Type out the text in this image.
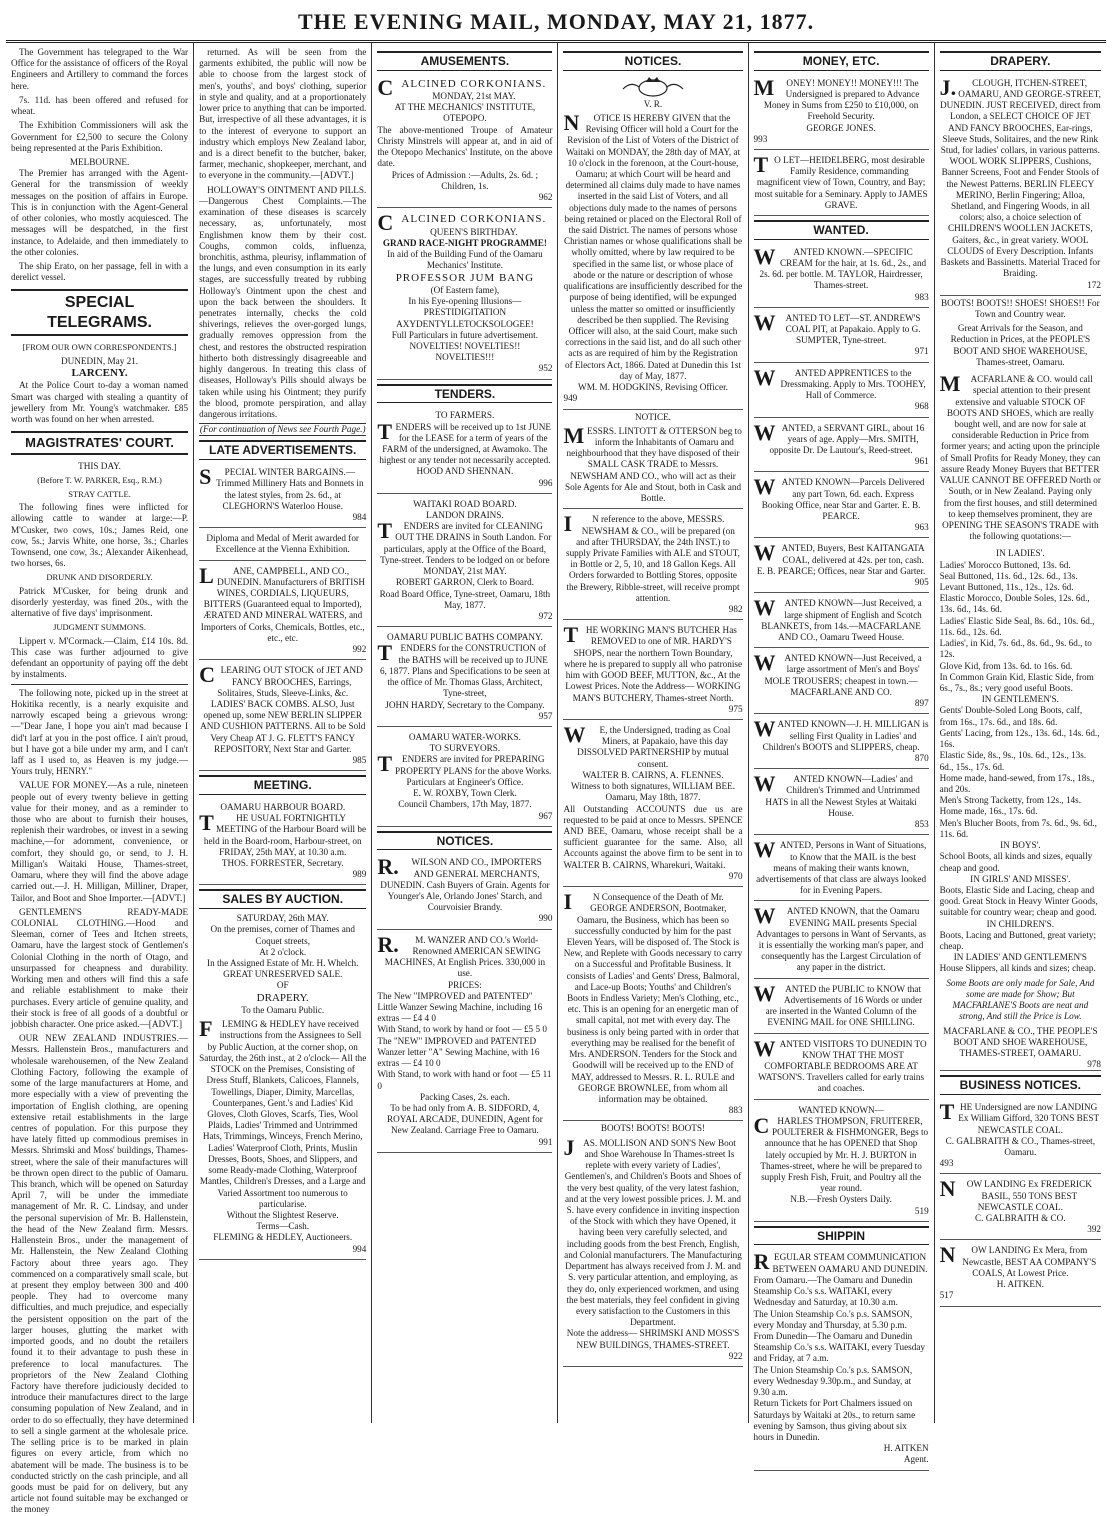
THE EVENING MAIL, MONDAY, MAY 21, 1877.

The Government has telegraped to the War Office for the assistance of officers of the Royal Engineers and Artillery to command the forces here.

7s. 11d. has been offered and refused for wheat.

The Exhibition Commissioners will ask the Government for £2,500 to secure the Colony being represented at the Paris Exhibition.

MELBOURNE.

The Premier has arranged with the Agent-General for the transmission of weekly messages on the position of affairs in Europe. This is in conjunction with the Agent-General of other colonies, who mostly acquiesced. The messages will be despatched, in the first instance, to Adelaide, and then immediately to the other colonies.

The ship Erato, on her passage, fell in with a derelict vessel.

SPECIAL TELEGRAMS.
[FROM OUR OWN CORRESPONDENTS.]
DUNEDIN, May 21.
LARCENY.

At the Police Court to-day a woman named Smart was charged with stealing a quantity of jewellery from Mr. Young's watchmaker. £85 worth was found on her when arrested.

MAGISTRATES' COURT.
THIS DAY.
(Before T. W. PARKER, Esq., R.M.)
STRAY CATTLE.

The following fines were inflicted for allowing cattle to wander at large:—P. M'Cusker, two cows, 10s.; James Reid, one cow, 5s.; Jarvis White, one horse, 3s.; Charles Townsend, one cow, 3s.; Alexander Aikenhead, two horses, 6s.

DRUNK AND DISORDERLY.

Patrick M'Cusker, for being drunk and disorderly yesterday, was fined 20s., with the alternative of five days' imprisonment.

JUDGMENT SUMMONS.

Lippert v. M'Cormack.—Claim, £14 10s. 8d. This case was further adjourned to give defendant an opportunity of paying off the debt by instalments.

The following note, picked up in the street at Hokitika recently, is a nearly exquisite and narrowly escaped being a grievous wrong:—"Dear Jane, I hope you ain't mad because I did't larf at you in the post office. I ain't proud, but I have got a bile under my arm, and I can't laff as I used to, as Heaven is my judge.—Yours truly, HENRY."

VALUE FOR MONEY.—As a rule, nineteen people out of every twenty believe in getting value for their money, and as a reminder to those who are about to furnish their houses, replenish their wardrobes, or invest in a sewing machine,—for adornment, convenience, or comfort, they should go, or send, to J. H. Milligan's Waitaki House, Thames-street, Oamaru, where they will find the above adage carried out.—J. H. Milligan, Milliner, Draper, Tailor, and Boot and Shoe Importer.—[ADVT.]

GENTLEMEN'S READY-MADE COLONIAL CLOTHING.—Hood and Sleeman, corner of Tees and Itchen streets, Oamaru, have the largest stock of Gentlemen's Colonial Clothing in the north of Otago, and unsurpassed for cheapness and durability. Working men and others will find this a safe and reliable establishment to make their purchases. Every article of genuine quality, and their stock is free of all goods of a doubtful or jobbish character. One price asked.—[ADVT.]

OUR NEW ZEALAND INDUSTRIES.—Messrs. Hallenstein Bros., manufacturers and wholesale warehousemen, of the New Zealand Clothing Factory, following the example of some of the large manufacturers at Home, and more especially with a view of preventing the importation of English clothing, are opening extensive retail establishments in the large centres of population. For this purpose they have lately fitted up commodious premises in Messrs. Shrimski and Moss' buildings, Thames-street, where the sale of their manufactures will be thrown open direct to the public of Oamaru. This branch, which will be opened on Saturday April 7, will be under the immediate management of Mr. R. C. Lindsay, and under the personal supervision of Mr. B. Hallenstein, the head of the New Zealand firm. Messrs. Hallenstein Bros., under the management of Mr. Hallenstein, the New Zealand Clothing Factory about three years ago. They commenced on a comparatively small scale, but at present they employ between 300 and 400 people. They had to overcome many difficulties, and much prejudice, and especially the persistent opposition on the part of the larger houses, glutting the market with imported goods, and no doubt the retailers found it to their advantage to push these in preference to local manufactures. The proprietors of the New Zealand Clothing Factory have therefore judiciously decided to introduce their manufactures direct to the large consuming population of New Zealand, and in order to do so effectually, they have determined to sell a single garment at the wholesale price. The selling price is to be marked in plain figures on every article, from which no abatement will be made. The business is to be conducted strictly on the cash principle, and all goods must be paid for on delivery, but any article not found suitable may be exchanged or the money

returned. As will be seen from the garments exhibited, the public will now be able to choose from the largest stock of men's, youths', and boys' clothing, superior in style and quality, and at a proportionately lower price to anything that can be imported. But, irrespective of all these advantages, it is to the interest of everyone to support an industry which employs New Zealand labor, and is a direct benefit to the butcher, baker, farmer, mechanic, shopkeeper, merchant, and to everyone in the community.—[ADVT.]

HOLLOWAY'S OINTMENT AND PILLS.—Dangerous Chest Complaints.—The examination of these diseases is scarcely necessary, as, unfortunately, most Englishmen know them by their cost. Coughs, common colds, influenza, bronchitis, asthma, pleurisy, inflammation of the lungs, and even consumption in its early stages, are successfully treated by rubbing Holloway's Ointment upon the chest and upon the back between the shoulders. It penetrates internally, checks the cold shiverings, relieves the over-gorged lungs, gradually removes oppression from the chest, and restores the obstructed respiration hitherto both distressingly disagreeable and highly dangerous. In treating this class of diseases, Holloway's Pills should always be taken while using his Ointment; they purify the blood, promote perspiration, and allay dangerous irritations.

(For continuation of News see Fourth Page.)
LATE ADVERTISEMENTS.
S PECIAL WINTER BARGAINS.—Trimmed Millinery Hats and Bonnets in the latest styles, from 2s. 6d., at CLEGHORN'S Waterloo House.
984
Diploma and Medal of Merit awarded for Excellence at the Vienna Exhibition.
L ANE, CAMPBELL, AND CO., DUNEDIN. Manufacturers of BRITISH WINES, CORDIALS, LIQUEURS, BITTERS (Guaranteed equal to Imported), ÆRATED AND MINERAL WATERS, and Importers of Corks, Chemicals, Bottles, etc., etc., etc.
992
CLEARING OUT STOCK of JET AND FANCY BROOCHES, Earrings, Solitaires, Studs, Sleeve-Links, &c. LADIES' BACK COMBS. ALSO, Just opened up, some NEW BERLIN SLIPPER AND CUSHION PATTERNS. All to be Sold Very Cheap AT J. G. FLETT'S FANCY REPOSITORY, Next Star and Garter.
985
MEETING.
OAMARU HARBOUR BOARD.
T HE USUAL FORTNIGHTLY MEETING of the Harbour Board will be held in the Board-room, Harbour-street, on FRIDAY, 25th MAY, at 10.30 a.m.
THOS. FORRESTER, Secretary.
989
SALES BY AUCTION.
SATURDAY, 26th MAY.
On the premises, corner of Thames and Coquet streets,
At 2 o'clock.
In the Assigned Estate of Mr. H. Whelch.
GREAT UNRESERVED SALE.
OF
DRAPERY.
To the Oamaru Public.
F LEMING & HEDLEY have received instructions from the Assignees to Sell by Public Auction, at the corner shop, on Saturday, the 26th inst., at 2 o'clock— All the STOCK on the Premises, Consisting of Dress Stuff, Blankets, Calicoes, Flannels, Towellings, Diaper, Dimity, Marcellas, Counterpanes, Gent.'s and Ladies' Kid Gloves, Cloth Gloves, Scarfs, Ties, Wool Plaids, Ladies' Trimmed and Untrimmed Hats, Trimmings, Winceys, French Merino, Ladies' Waterproof Cloth, Prints, Muslin Dresses, Boots, Shoes, and Slippers, and some Ready-made Clothing, Waterproof Mantles, Children's Dresses, and a Large and Varied Assortment too numerous to particularise.
Without the Slightest Reserve.
Terms—Cash.
FLEMING & HEDLEY, Auctioneers.
994
AMUSEMENTS.
CALCINED CORKONIANS.
MONDAY, 21st MAY.
AT THE MECHANICS' INSTITUTE, OTEPOPO.
The above-mentioned Troupe of Amateur Christy Minstrels will appear at, and in aid of the Otepopo Mechanics' Institute, on the above date.
Prices of Admission :—Adults, 2s. 6d. ; Children, 1s.
962
CALCINED CORKONIANS.
QUEEN'S BIRTHDAY.
GRAND RACE-NIGHT PROGRAMME!
In aid of the Building Fund of the Oamaru Mechanics' Institute.
PROFESSOR JUM BANG
(Of Eastern fame),
In his Eye-opening Illusions—
PRESTIDIGITATION
AXYDENTYLLETOCKSOLOGEE!
Full Particulars in future advertisement.
NOVELTIES! NOVELTIES!!
NOVELTIES!!!
952
TENDERS.
TO FARMERS.
T ENDERS will be received up to 1st JUNE for the LEASE for a term of years of the FARM of the undersigned, at Awamoko. The highest or any tender not necessarily accepted.
HOOD AND SHENNAN.
996
WAITAKI ROAD BOARD.
LANDON DRAINS.
T ENDERS are invited for CLEANING OUT THE DRAINS in South Landon. For particulars, apply at the Office of the Board, Tyne-street. Tenders to be lodged on or before MONDAY, 21st MAY.
ROBERT GARRON, Clerk to Board.
Road Board Office, Tyne-street, Oamaru, 18th May, 1877.
972
OAMARU PUBLIC BATHS COMPANY.
T ENDERS for the CONSTRUCTION of the BATHS will be received up to JUNE 6, 1877. Plans and Specifications to be seen at the office of Mr. Thomas Glass, Architect, Tyne-street,
JOHN HARDY, Secretary to the Company.
957
OAMARU WATER-WORKS.
TO SURVEYORS.
T ENDERS are invited for PREPARING PROPERTY PLANS for the above Works. Particulars at Engineer's Office.
E. W. ROXBY, Town Clerk.
Council Chambers, 17th May, 1877.
967
NOTICES.
R. WILSON AND CO., IMPORTERS AND GENERAL MERCHANTS, DUNEDIN. Cash Buyers of Grain. Agents for Younger's Ale, Orlando Jones' Starch, and Courvoisier Brandy.
990
R. M. WANZER AND CO.'s World-Renowned AMERICAN SEWING MACHINES, At English Prices. 330,000 in use.
PRICES:
The New "IMPROVED and PATENTED" Little Wanzer Sewing Machine, including 16 extras — £4 4 0
With Stand, to work by hand or foot — £5 5 0
The "NEW" IMPROVED and PATENTED Wanzer letter "A" Sewing Machine, with 16 extras — £4 10 0
With Stand, to work with hand or foot — £5 11 0
Packing Cases, 2s. each.
To be had only from A. B. SIDFORD, 4, ROYAL ARCADE, DUNEDIN, Agent for New Zealand. Carriage Free to Oamaru.
991
NOTICES.
V. R.
N OTICE IS HEREBY GIVEN that the Revising Officer will hold a Court for the Revision of the List of Voters of the District of Waitaki on MONDAY, the 28th day of MAY, at 10 o'clock in the forenoon, at the Court-house, Oamaru; at which Court will be heard and determined all claims duly made to have names inserted in the said List of Voters, and all objections duly made to the names of persons being retained or placed on the Electoral Roll of the said District. The names of persons whose Christian names or whose qualifications shall be wholly omitted, where by law required to be specified in the same list, or whose place of abode or the nature or description of whose qualifications are insufficiently described for the purpose of being identified, will be expunged unless the matter so omitted or insufficiently described be then supplied. The Revising Officer will also, at the said Court, make such corrections in the said list, and do all such other acts as are required of him by the Registration of Electors Act, 1866. Dated at Dunedin this 1st day of May, 1877.
WM. M. HODGKINS, Revising Officer.
949
NOTICE.
MESSRS. LINTOTT & OTTERSON beg to inform the Inhabitants of Oamaru and neighbourhood that they have disposed of their SMALL CASK TRADE to Messrs. NEWSHAM AND CO., who will act as their Sole Agents for Ale and Stout, both in Cask and Bottle.
I N reference to the above, MESSRS. NEWSHAM & CO., will be prepared (on and after THURSDAY, the 24th INST.) to supply Private Families with ALE and STOUT, in Bottle or 2, 5, 10, and 18 Gallon Kegs. All Orders forwarded to Bottling Stores, opposite the Brewery, Ribble-street, will receive prompt attention.
982
THE WORKING MAN'S BUTCHER Has REMOVED to one of MR. HARDY'S SHOPS, near the northern Town Boundary, where he is prepared to supply all who patronise him with GOOD BEEF, MUTTON, &c., At the Lowest Prices. Note the Address— WORKING MAN'S BUTCHERY, Thames-street North.
975
W E, the Undersigned, trading as Coal Miners, at Papakaio, have this day DISSOLVED PARTNERSHIP by mutual consent.
WALTER B. CAIRNS, A. FLENNES.
Witness to both signatures, WILLIAM BEE.
Oamaru, May 18th, 1877.
All Outstanding ACCOUNTS due us are requested to be paid at once to Messrs. SPENCE AND BEE, Oamaru, whose receipt shall be a sufficient guarantee for the same. Also, all Accounts against the above firm to be sent in to WALTER B. CAIRNS, Wharekuri, Waitaki.
970
I N Consequence of the Death of Mr. GEORGE ANDERSON, Bootmaker, Oamaru, the Business, which has been so successfully conducted by him for the past Eleven Years, will be disposed of. The Stock is New, and Replete with Goods necessary to carry on a Successful and Profitable Business. It consists of Ladies' and Gents' Dress, Balmoral, and Lace-up Boots; Youths' and Children's Boots in Endless Variety; Men's Clothing, etc., etc. This is an opening for an energetic man of small capital, not met with every day. The business is only being parted with in order that everything may be realised for the benefit of Mrs. ANDERSON. Tenders for the Stock and Goodwill will be received up to the END of MAY, addressed to Messrs. R. L. RULE and GEORGE BROWNLEE, from whom all information may be obtained.
883
BOOTS! BOOTS! BOOTS!
JAS. MOLLISON AND SON'S New Boot and Shoe Warehouse In Thames-street Is replete with every variety of Ladies', Gentlemen's, and Children's Boots and Shoes of the very best quality, of the very latest fashion, and at the very lowest possible prices. J. M. and S. have every confidence in inviting inspection of the Stock with which they have Opened, it having been very carefully selected, and including goods from the best French, English, and Colonial manufacturers. The Manufacturing Department has always received from J. M. and S. very particular attention, and employing, as they do, only experienced workmen, and using the best materials, they feel confident in giving every satisfaction to the Customers in this Department.
Note the address— SHRIMSKI AND MOSS'S NEW BUILDINGS, THAMES-STREET.
922
MONEY, ETC.
M ONEY! MONEY!! MONEY!!! The Undersigned is prepared to Advance Money in Sums from £250 to £10,000, on Freehold Security.
GEORGE JONES.
993
T O LET—HEIDELBERG, most desirable Family Residence, commanding magnificent view of Town, Country, and Bay; most suitable for a Seminary. Apply to JAMES GRAVE.
WANTED.
W ANTED KNOWN.—SPECIFIC CREAM for the hair, at 1s. 6d., 2s., and 2s. 6d. per bottle. M. TAYLOR, Hairdresser, Thames-street.
983
W ANTED TO LET—ST. ANDREW'S COAL PIT, at Papakaio. Apply to G. SUMPTER, Tyne-street.
971
W ANTED APPRENTICES to the Dressmaking. Apply to Mrs. TOOHEY, Hall of Commerce.
968
WANTED, a SERVANT GIRL, about 16 years of age. Apply—Mrs. SMITH, opposite Dr. De Lautour's, Reed-street.
961
WANTED KNOWN—Parcels Delivered any part Town, 6d. each. Express Booking Office, near Star and Garter. E. B. PEARCE.
963
WANTED, Buyers, Best KAITANGATA COAL, delivered at 42s. per ton, cash. E. B. PEARCE; Offices, near Star and Garter.
905
WANTED KNOWN—Just Received, a large shipment of English and Scotch BLANKETS, from 14s.—MACFARLANE AND CO., Oamaru Tweed House.
WANTED KNOWN—Just Received, a large assortment of Men's and Boys' MOLE TROUSERS; cheapest in town.—MACFARLANE AND CO.
897
WANTED KNOWN—J. H. MILLIGAN is selling First Quality in Ladies' and Children's BOOTS and SLIPPERS, cheap.
870
W ANTED KNOWN—Ladies' and Children's Trimmed and Untrimmed HATS in all the Newest Styles at Waitaki House.
853
WANTED, Persons in Want of Situations, to Know that the MAIL is the best means of making their wants known, advertisements of that class are always looked for in Evening Papers.
W ANTED KNOWN, that the Oamaru EVENING MAIL presents Special Advantages to persons in Want of Servants, as it is essentially the working man's paper, and consequently has the Largest Circulation of any paper in the district.
W ANTED the PUBLIC to KNOW that Advertisements of 16 Words or under are inserted in the Wanted Column of the EVENING MAIL for ONE SHILLING.
WANTED VISITORS TO DUNEDIN TO KNOW THAT THE MOST COMFORTABLE BEDROOMS ARE AT WATSON'S. Travellers called for early trains and coaches.
WANTED KNOWN—
C HARLES THOMPSON, FRUITERER, POULTERER & FISHMONGER, Begs to announce that he has OPENED that Shop lately occupied by Mr. H. J. BURTON in Thames-street, where he will be prepared to supply Fresh Fish, Fruit, and Poultry all the year round.
N.B.—Fresh Oysters Daily.
519
SHIPPIN
REGULAR STEAM COMMUNICATION BETWEEN OAMARU AND DUNEDIN.
From Oamaru.—The Oamaru and Dunedin Steamship Co.'s s.s. WAITAKI, every Wednesday and Saturday, at 10.30 a.m.
The Union Steamship Co.'s p.s. SAMSON, every Monday and Thursday, at 5.30 p.m.
From Dunedin—The Oamaru and Dunedin Steamship Co.'s s.s. WAITAKI, every Tuesday and Friday, at 7 a.m.
The Union Steamship Co.'s p.s. SAMSON, every Wednesday 9.30p.m., and Sunday, at 9.30 a.m.
Return Tickets for Port Chalmers issued on Saturdays by Waitaki at 20s., to return same evening by Samson, thus giving about six hours in Dunedin.
H. AITKEN
Agent.
DRAPERY.
J. CLOUGH, ITCHEN-STREET, OAMARU, AND GEORGE-STREET, DUNEDIN. JUST RECEIVED, direct from London, a SELECT CHOICE OF JET AND FANCY BROOCHES, Ear-rings, Sleeve Studs, Solitaires, and the new Rink Stud, for ladies' collars, in various patterns. WOOL WORK SLIPPERS, Cushions, Banner Screens, Foot and Fender Stools of the Newest Patterns. BERLIN FLEECY MERINO, Berlin Fingering; Alloa, Shetland, and Fingering Woods, in all colors; also, a choice selection of CHILDREN'S WOOLLEN JACKETS, Gaiters, &c., in great variety. WOOL CLOUDS of Every Description. Infants Baskets and Bassinetts. Material Traced for Braiding.
172
BOOTS! BOOTS!! SHOES! SHOES!! For Town and Country wear.
Great Arrivals for the Season, and Reduction in Prices, at the PEOPLE'S BOOT AND SHOE WAREHOUSE, Thames-street, Oamaru.
M ACFARLANE & CO. would call special attention to their present extensive and valuable STOCK OF BOOTS AND SHOES, which are really bought well, and are now for sale at considerable Reduction in Price from former years; and acting upon the principle of Small Profits for Ready Money, they can assure Ready Money Buyers that BETTER VALUE CANNOT BE OFFERED North or South, or in New Zealand. Paying only from the first houses, and still determined to keep themselves prominent, they are OPENING THE SEASON'S TRADE with the following quotations:—
IN LADIES'.
Ladies' Morocco Buttoned, 13s. 6d.
Seal Buttoned, 11s. 6d., 12s. 6d., 13s.
Levant Buttoned, 11s., 12s., 12s. 6d.
Elastic Morocco, Double Soles, 12s. 6d., 13s. 6d., 14s. 6d.
Ladies' Elastic Side Seal, 8s. 6d., 10s. 6d., 11s. 6d., 12s. 6d.
Ladies', in Kid, 7s. 6d., 8s. 6d., 9s. 6d., to 12s.
Glove Kid, from 13s. 6d. to 16s. 6d.
In Common Grain Kid, Elastic Side, from 6s., 7s., 8s.; very good useful Boots.
IN GENTLEMEN'S.
Gents' Double-Soled Long Boots, calf, from 16s., 17s. 6d., and 18s. 6d.
Gents' Lacing, from 12s., 13s. 6d., 14s. 6d., 16s.
Elastic Side, 8s., 9s., 10s. 6d., 12s., 13s. 6d., 15s., 17s. 6d.
Home made, hand-sewed, from 17s., 18s., and 20s.
Men's Strong Tacketty, from 12s., 14s. Home made, 16s., 17s. 6d.
Men's Blucher Boots, from 7s. 6d., 9s. 6d., 11s. 6d.
IN BOYS'.
School Boots, all kinds and sizes, equally cheap and good.
IN GIRLS' AND MISSES'.
Boots, Elastic Side and Lacing, cheap and good. Great Stock in Heavy Winter Goods, suitable for country wear; cheap and good.
IN CHILDREN'S.
Boots, Lacing and Buttoned, great variety; cheap.
IN LADIES' AND GENTLEMEN'S
House Slippers, all kinds and sizes; cheap.
Some Boots are only made for Sale, And some are made for Show; But MACFARLANE'S Boots are neat and strong, And still the Price is Low.
MACFARLANE & CO., THE PEOPLE'S BOOT AND SHOE WAREHOUSE, THAMES-STREET, OAMARU.
978
BUSINESS NOTICES.
THE Undersigned are now LANDING Ex William Gifford, 320 TONS BEST NEWCASTLE COAL.
C. GALBRAITH & CO., Thames-street, Oamaru.
493
N OW LANDING Ex FREDERICK BASIL, 550 TONS BEST NEWCASTLE COAL.
C. GALBRAITH & CO.
392
N OW LANDING Ex Mera, from Newcastle, BEST AA COMPANY'S COALS, At Lowest Price.
H. AITKEN.
517
